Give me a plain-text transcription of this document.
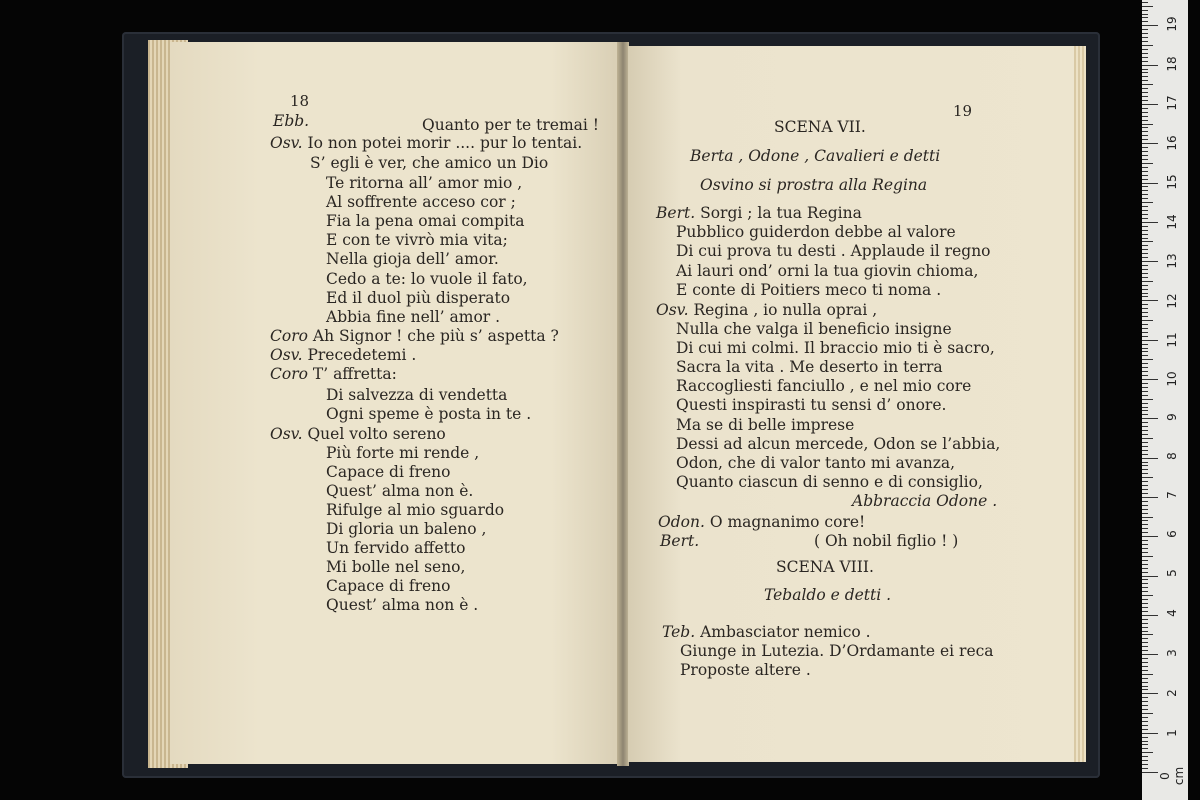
18
Ebb.	Quanto per te tremai !
Osv. Io non potei morir .... pur lo tentai.
S’ egli è ver, che amico un Dio
Te ritorna all’ amor mio ,
Al soffrente acceso cor ;
Fia la pena omai compita
E con te vivrò mia vita;
Nella gioja dell’ amor.
Cedo a te: lo vuole il fato,
Ed il duol più disperato
Abbia fine nell’ amor .
Coro Ah Signor ! che più s’ aspetta ?
Osv. Precedetemi .
Coro T’ affretta:
Di salvezza di vendetta
Ogni speme è posta in te .
Osv. Quel volto sereno
Più forte mi rende ,
Capace di freno
Quest’ alma non è.
Rifulge al mio sguardo
Di gloria un baleno ,
Un fervido affetto
Mi bolle nel seno,
Capace di freno
Quest’ alma non è .
19
SCENA VII.
Berta , Odone , Cavalieri e detti
Osvino si prostra alla Regina
Bert. Sorgi ; la tua Regina
Pubblico guiderdon debbe al valore
Di cui prova tu desti . Applaude il regno
Ai lauri ond’ orni la tua giovin chioma,
E conte di Poitiers meco ti noma .
Osv. Regina , io nulla oprai ,
Nulla che valga il beneficio insigne
Di cui mi colmi. Il braccio mio ti è sacro,
Sacra la vita . Me deserto in terra
Raccogliesti fanciullo , e nel mio core
Questi inspirasti tu sensi d’ onore.
Ma se di belle imprese
Dessi ad alcun mercede, Odon se l’abbia,
Odon, che di valor tanto mi avanza,
Quanto ciascun di senno e di consiglio,
Abbraccia Odone .
Odon. O magnanimo core!
Bert.	( Oh nobil figlio ! )
SCENA VIII.
Tebaldo e detti .
Teb. Ambasciator nemico .
Giunge in Lutezia. D’Ordamante ei reca
Proposte altere .
0 cm
1
2
3
4
5
6
7
8
9
10
11
12
13
14
15
16
17
18
19
